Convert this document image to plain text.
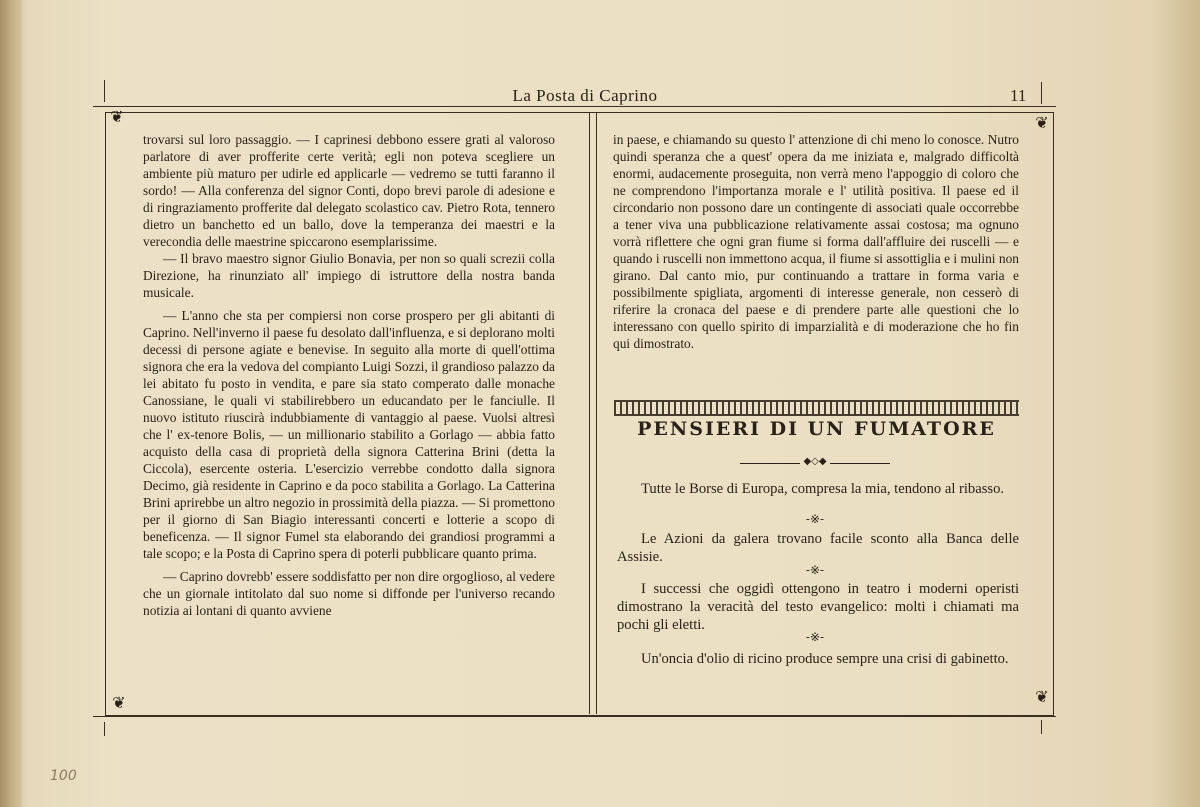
La Posta di Caprino	11
❦	❦
❦	❦

trovarsi sul loro passaggio. — I caprinesi debbono essere grati al valoroso parlatore di aver profferite certe verità; egli non poteva scegliere un ambiente più maturo per udirle ed applicarle — vedremo se tutti faranno il sordo! — Alla conferenza del signor Conti, dopo brevi parole di adesione e di ringraziamento profferite dal delegato scolastico cav. Pietro Rota, tennero dietro un banchetto ed un ballo, dove la temperanza dei maestri e la verecondia delle maestrine spiccarono esemplarissime.

— Il bravo maestro signor Giulio Bonavia, per non so quali screzii colla Direzione, ha rinunziato all' impiego di istruttore della nostra banda musicale.

— L'anno che sta per compiersi non corse prospero per gli abitanti di Caprino. Nell'inverno il paese fu desolato dall'influenza, e si deplorano molti decessi di persone agiate e benevise. In seguito alla morte di quell'ottima signora che era la vedova del compianto Luigi Sozzi, il grandioso palazzo da lei abitato fu posto in vendita, e pare sia stato comperato dalle monache Canossiane, le quali vi stabilirebbero un educandato per le fanciulle. Il nuovo istituto riuscirà indubbiamente di vantaggio al paese. Vuolsi altresì che l' ex-tenore Bolis, — un millionario stabilito a Gorlago — abbia fatto acquisto della casa di proprietà della signora Catterina Brini (detta la Ciccola), esercente osteria. L'esercizio verrebbe condotto dalla signora Decimo, già residente in Caprino e da poco stabilita a Gorlago. La Catterina Brini aprirebbe un altro negozio in prossimità della piazza. — Si promettono per il giorno di San Biagio interessanti concerti e lotterie a scopo di beneficenza. — Il signor Fumel sta elaborando dei grandiosi programmi a tale scopo; e la Posta di Caprino spera di poterli pubblicare quanto prima.

— Caprino dovrebb' essere soddisfatto per non dire orgoglioso, al vedere che un giornale intitolato dal suo nome si diffonde per l'universo recando notizia ai lontani di quanto avviene

in paese, e chiamando su questo l' attenzione di chi meno lo conosce. Nutro quindi speranza che a quest' opera da me iniziata e, malgrado difficoltà enormi, audacemente proseguita, non verrà meno l'appoggio di coloro che ne comprendono l'importanza morale e l' utilità positiva. Il paese ed il circondario non possono dare un contingente di associati quale occorrebbe a tener viva una pubblicazione relativamente assai costosa; ma ognuno vorrà riflettere che ogni gran fiume si forma dall'affluire dei ruscelli — e quando i ruscelli non immettono acqua, il fiume si assottiglia e i mulini non girano. Dal canto mio, pur continuando a trattare in forma varia e possibilmente spigliata, argomenti di interesse generale, non cesserò di riferire la cronaca del paese e di prendere parte alle questioni che lo interessano con quello spirito di imparzialità e di moderazione che ho fin qui dimostrato.

PENSIERI DI UN FUMATORE
◆◇◆

Tutte le Borse di Europa, compresa la mia, tendono al ribasso.

-※-

Le Azioni da galera trovano facile sconto alla Banca delle Assisie.

-※-

I successi che oggidì ottengono in teatro i moderni operisti dimostrano la veracità del testo evangelico: molti i chiamati ma pochi gli eletti.

-※-

Un'oncia d'olio di ricino produce sempre una crisi di gabinetto.

100
